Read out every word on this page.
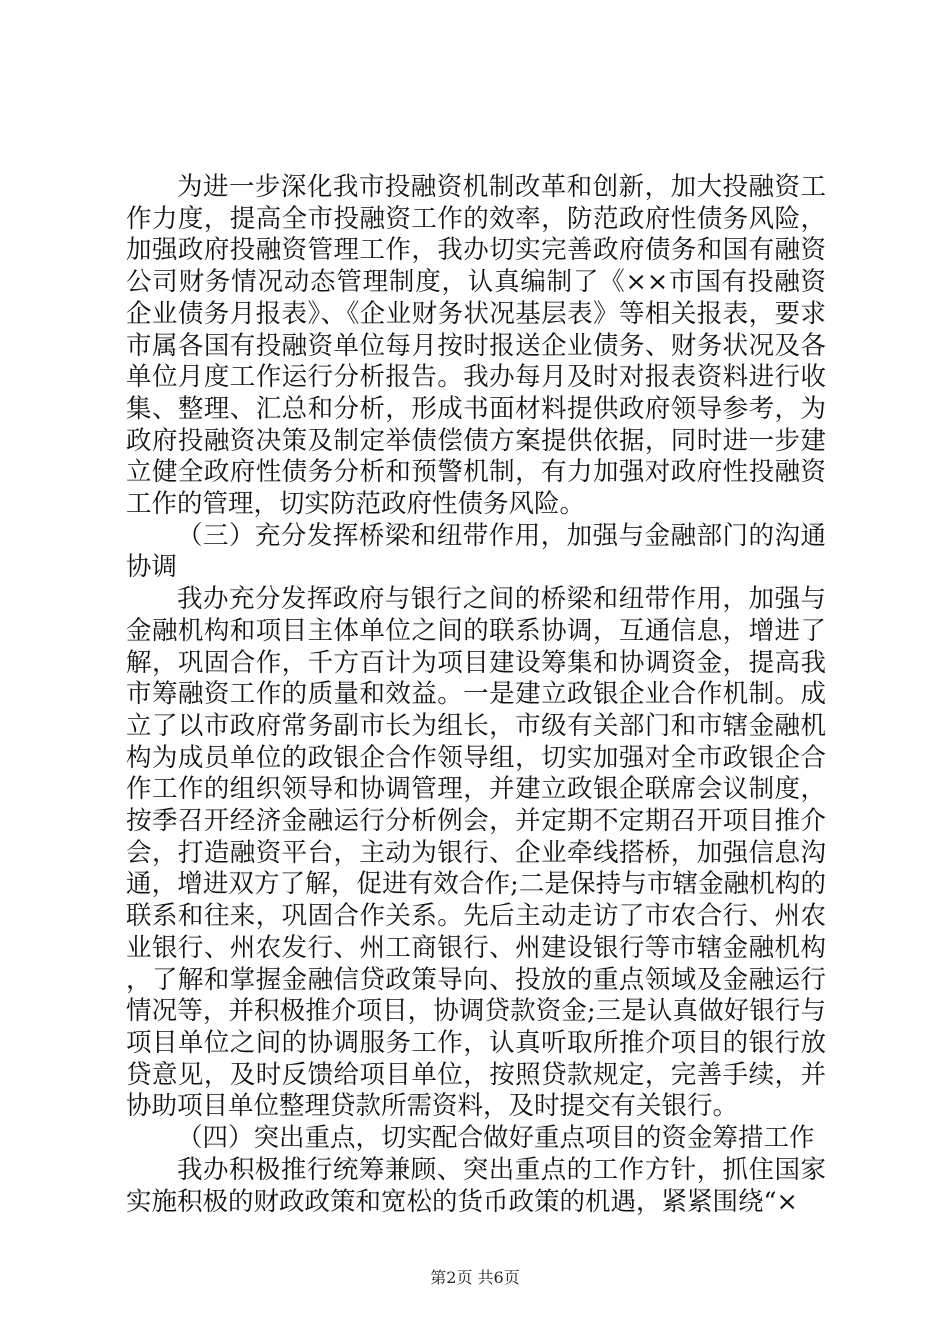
为进一步深化我市投融资机制改革和创新，加大投融资工作力度，提高全市投融资工作的效率，防范政府性债务风险，加强政府投融资管理工作，我办切实完善政府债务和国有融资公司财务情况动态管理制度，认真编制了《××市国有投融资企业债务月报表》、《企业财务状况基层表》等相关报表，要求市属各国有投融资单位每月按时报送企业债务、财务状况及各单位月度工作运行分析报告。我办每月及时对报表资料进行收集、整理、汇总和分析，形成书面材料提供政府领导参考，为政府投融资决策及制定举债偿债方案提供依据，同时进一步建立健全政府性债务分析和预警机制，有力加强对政府性投融资工作的管理，切实防范政府性债务风险。

（三）充分发挥桥梁和纽带作用，加强与金融部门的沟通协调

我办充分发挥政府与银行之间的桥梁和纽带作用，加强与金融机构和项目主体单位之间的联系协调，互通信息，增进了解，巩固合作，千方百计为项目建设筹集和协调资金，提高我市筹融资工作的质量和效益。一是建立政银企业合作机制。成立了以市政府常务副市长为组长，市级有关部门和市辖金融机构为成员单位的政银企合作领导组，切实加强对全市政银企合作工作的组织领导和协调管理，并建立政银企联席会议制度，按季召开经济金融运行分析例会，并定期不定期召开项目推介会，打造融资平台，主动为银行、企业牵线搭桥，加强信息沟通，增进双方了解，促进有效合作;二是保持与市辖金融机构的联系和往来，巩固合作关系。先后主动走访了市农合行、州农业银行、州农发行、州工商银行、州建设银行等市辖金融机构，了解和掌握金融信贷政策导向、投放的重点领域及金融运行情况等，并积极推介项目，协调贷款资金;三是认真做好银行与项目单位之间的协调服务工作，认真听取所推介项目的银行放贷意见，及时反馈给项目单位，按照贷款规定，完善手续，并协助项目单位整理贷款所需资料，及时提交有关银行。

（四）突出重点，切实配合做好重点项目的资金筹措工作

我办积极推行统筹兼顾、突出重点的工作方针，抓住国家实施积极的财政政策和宽松的货币政策的机遇，紧紧围绕“×

第2页 共6页
